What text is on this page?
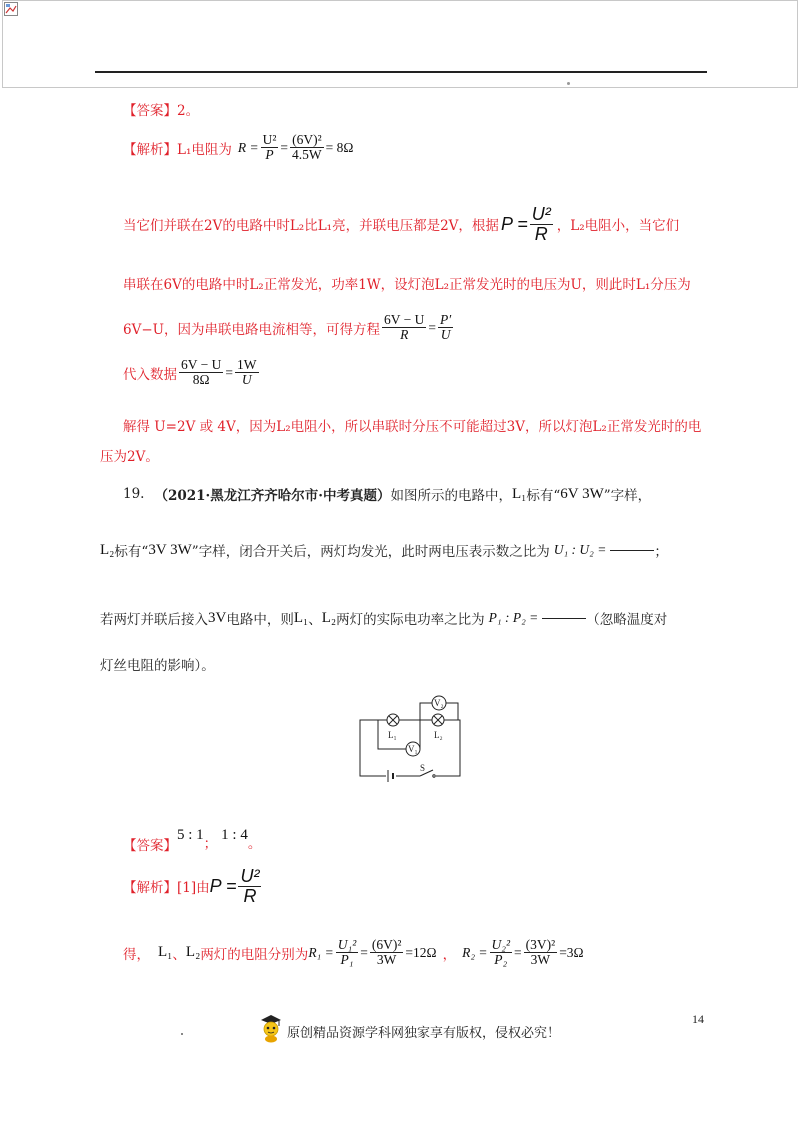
【答案】2。
【解析】 L₁电阻为 $R = \frac{\text{U²}}{P} = \frac{\text{(6V)²}}{4.5W} = 8\Omega$
当它们并联在2V的电路中时L₂比L₁亮，并联电压都是2V，根据 $P = \frac{\text{U²}}{R}$ ，L₂电阻小，当它们
串联在6V的电路中时L₂正常发光，功率1W，设灯泡L₂正常发光时的电压为U，则此时L₁分压为
6V−U，因为串联电路电流相等，可得方程 $\frac{6V - U}{R} = \frac{P'}{U}$
代入数据 $\frac{6V - U}{8\Omega} = \frac{1W}{U}$
解得 U=2V 或 4V，因为L₂电阻小，所以串联时分压不可能超过3V，所以灯泡L₂正常发光时的电
压为2V。
19. （2021·黑龙江齐齐哈尔市·中考真题） 如图所示的电路中， L₁ 标有“ 6V 3W ”字样，
L₂ 标有“ 3V 3W ”字样，闭合开关后，两灯均发光，此时两电压表示数之比为 U₁ : U₂ =	；
若两灯并联后接入 3V 电路中，则 L₁ 、 L₂ 两灯的实际电功率之比为 P₁ : P₂ =	（忽略温度对
灯丝电阻的影响）。
V₂
V₁
L₁	L₂
S
【答案】
5 : 1
；
1 : 4
。
【解析】 [1]由 $P = \frac{\text{U²}}{R}$
得， L₁ 、 L₂ 两灯的电阻分别为 $R_1 = \frac{\text{U₁²}}{\text{P₁}} = \frac{\text{(6V)²}}{3W} =12\Omega$ ， $R_2 = \frac{\text{U₂²}}{\text{P₂}} = \frac{\text{(3V)²}}{3W} =3\Omega$
14
原创精品资源学科网独家享有版权，侵权必究！
